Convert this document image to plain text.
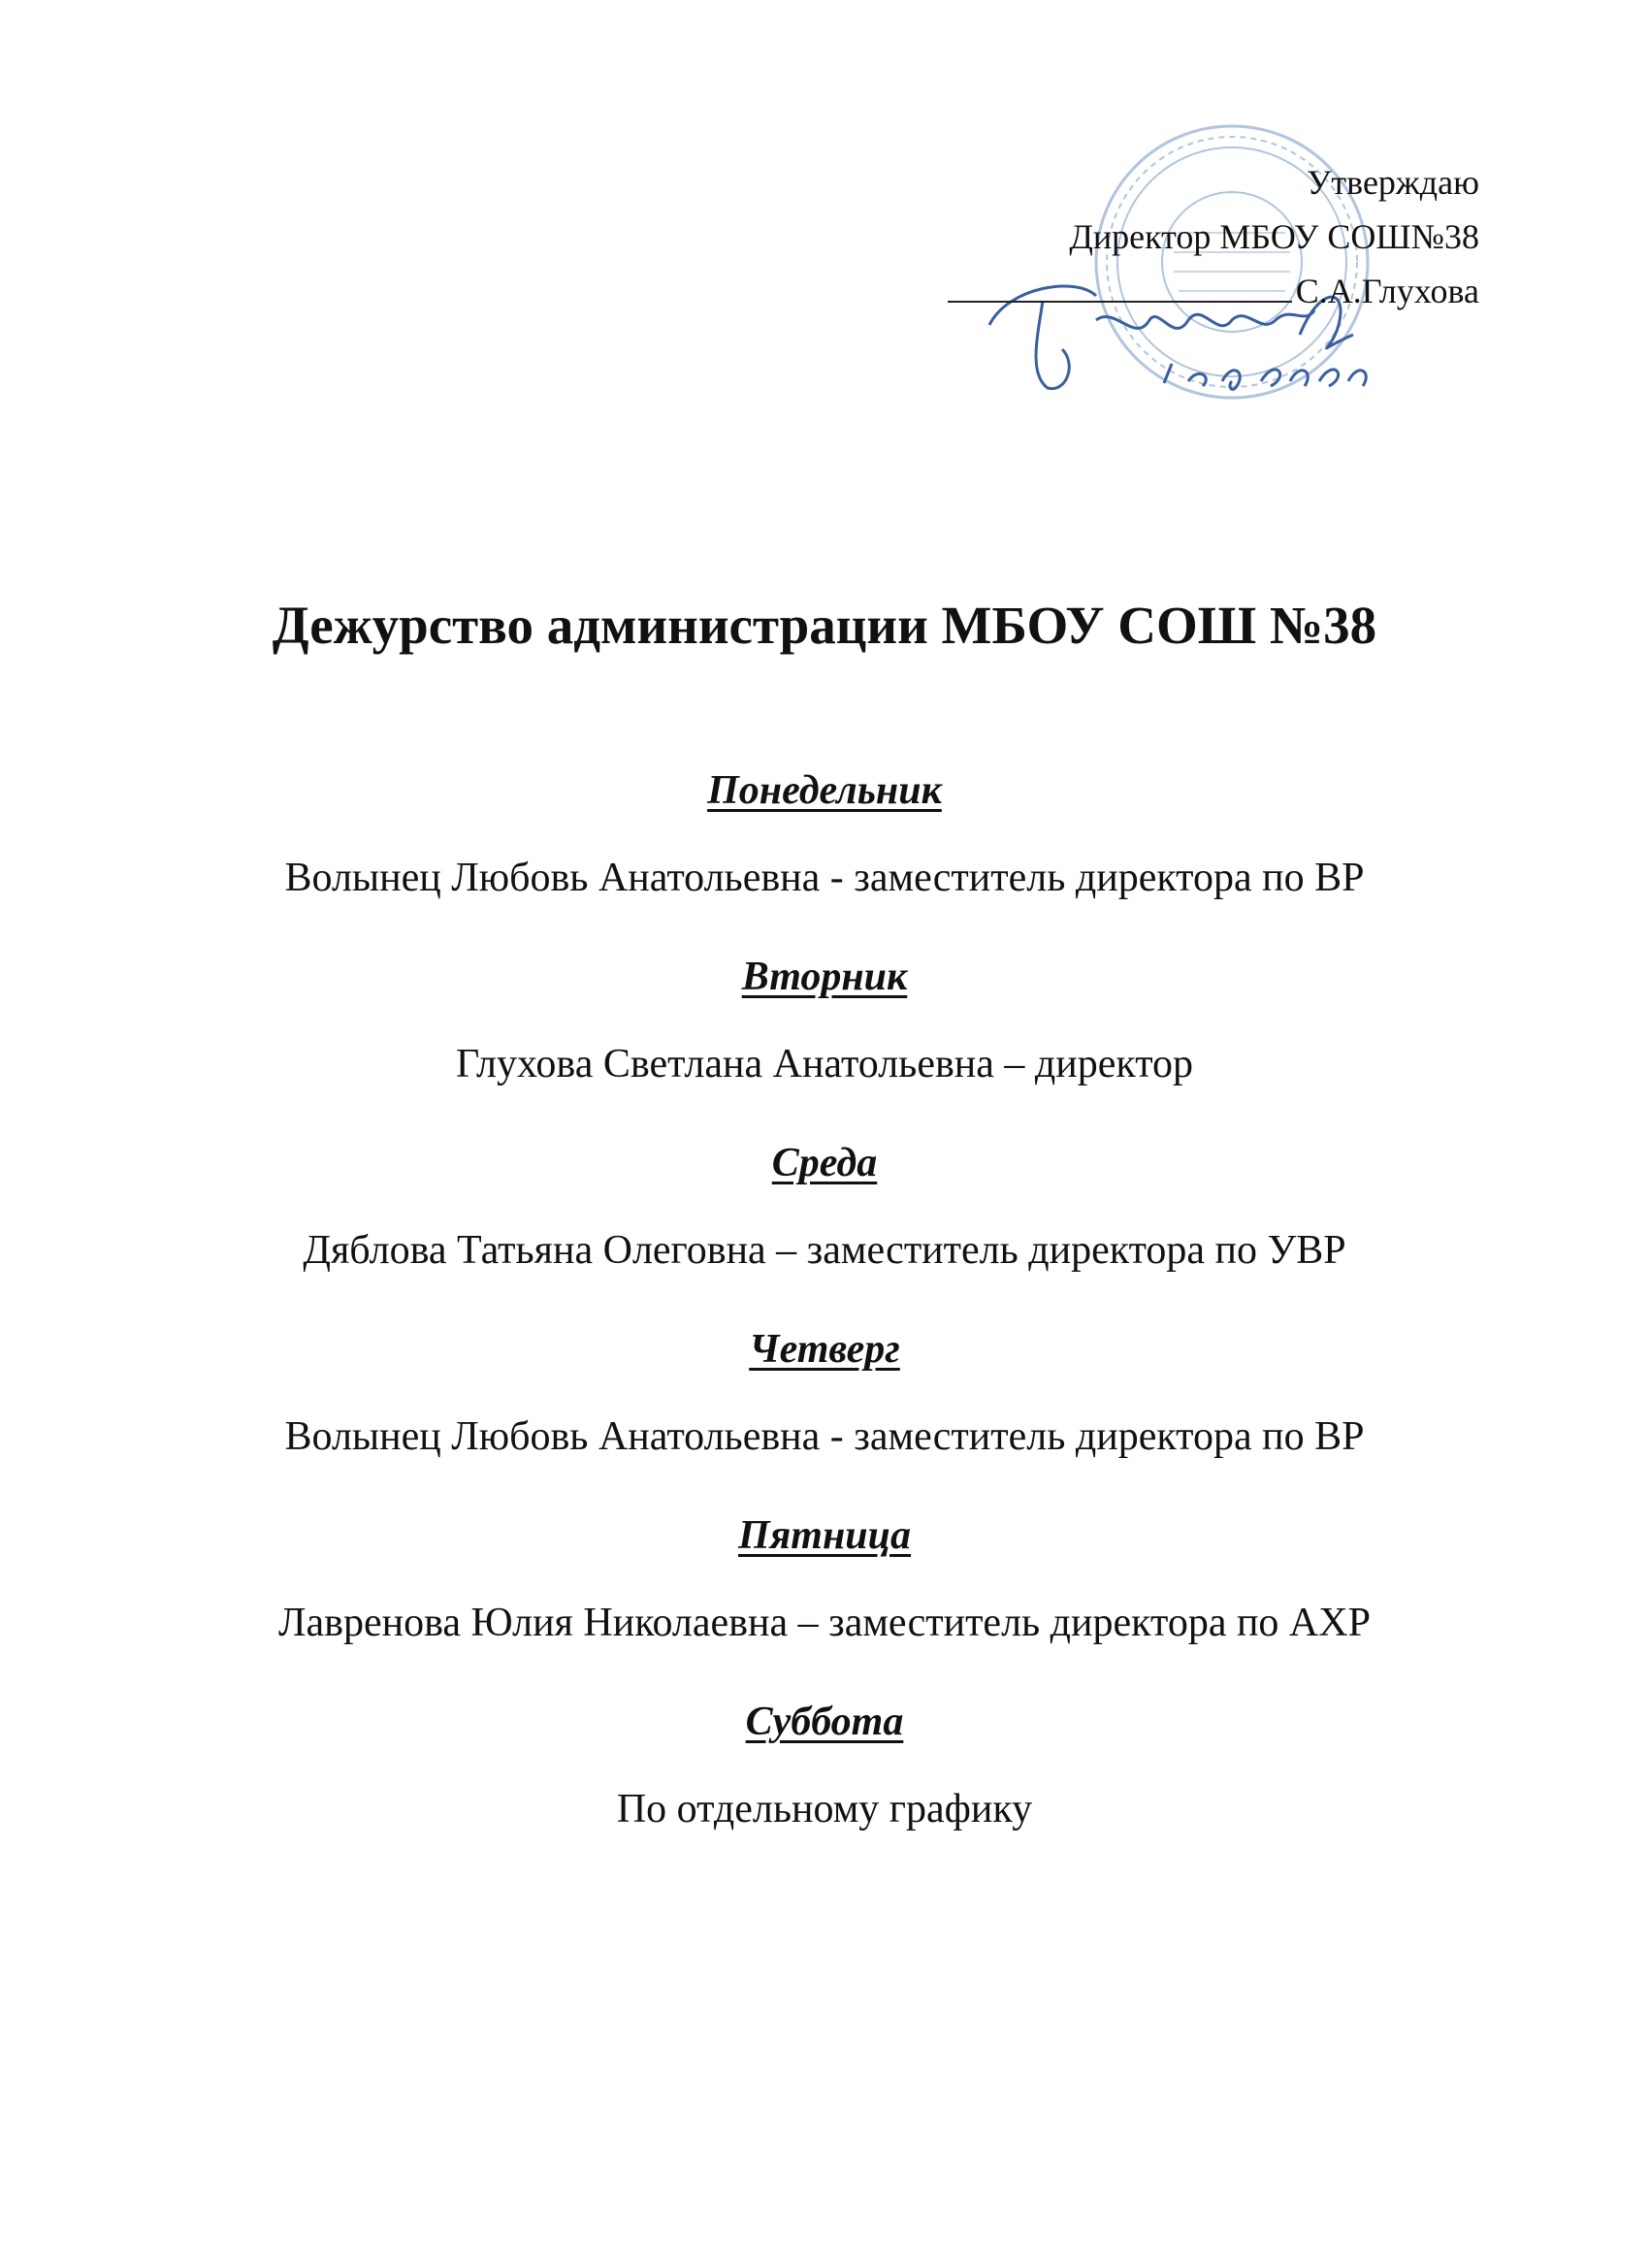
Утверждаю
Директор МБОУ СОШ№38
С.А.Глухова
Дежурство администрации МБОУ СОШ №38
Понедельник
Волынец Любовь Анатольевна - заместитель директора по ВР
Вторник
Глухова Светлана Анатольевна – директор
Среда
Дяблова Татьяна Олеговна – заместитель директора по УВР
Четверг
Волынец Любовь Анатольевна - заместитель директора по ВР
Пятница
Лавренова Юлия Николаевна – заместитель директора по АХР
Суббота
По отдельному графику
